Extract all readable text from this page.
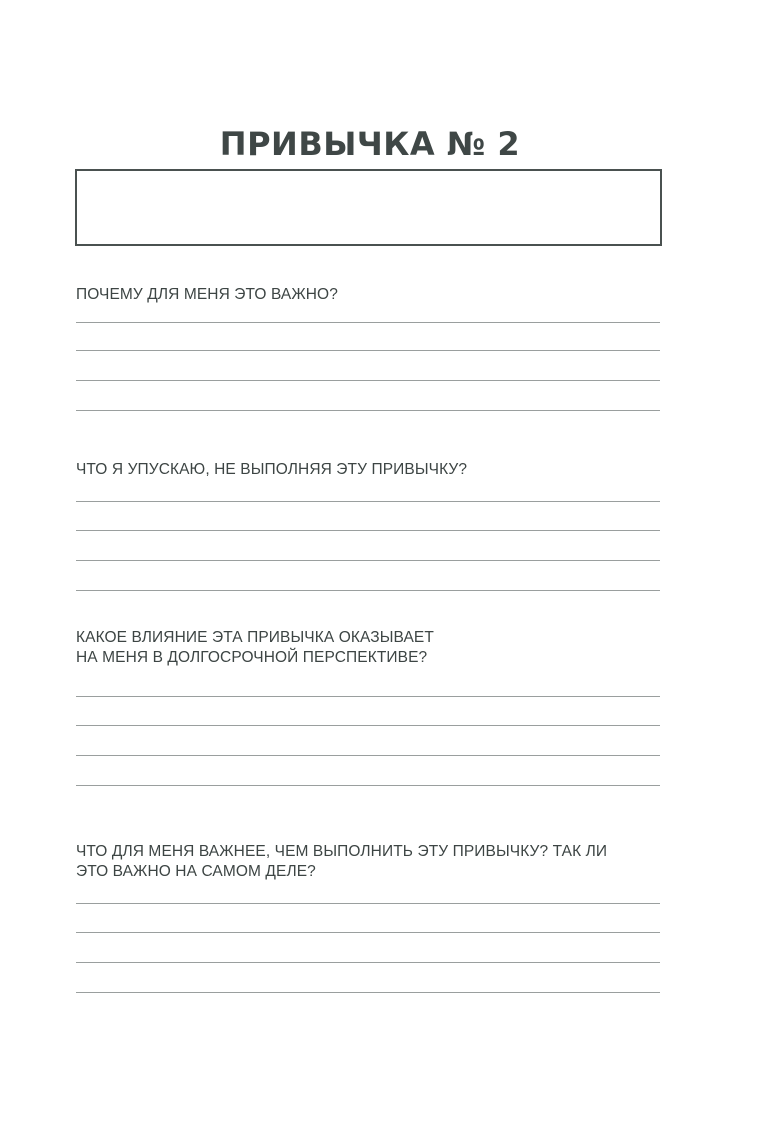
ПРИВЫЧКА № 2
ПОЧЕМУ ДЛЯ МЕНЯ ЭТО ВАЖНО?
ЧТО Я УПУСКАЮ, НЕ ВЫПОЛНЯЯ ЭТУ ПРИВЫЧКУ?
КАКОЕ ВЛИЯНИЕ ЭТА ПРИВЫЧКА ОКАЗЫВАЕТ
НА МЕНЯ В ДОЛГОСРОЧНОЙ ПЕРСПЕКТИВЕ?
ЧТО ДЛЯ МЕНЯ ВАЖНЕЕ, ЧЕМ ВЫПОЛНИТЬ ЭТУ ПРИВЫЧКУ? ТАК ЛИ
ЭТО ВАЖНО НА САМОМ ДЕЛЕ?
